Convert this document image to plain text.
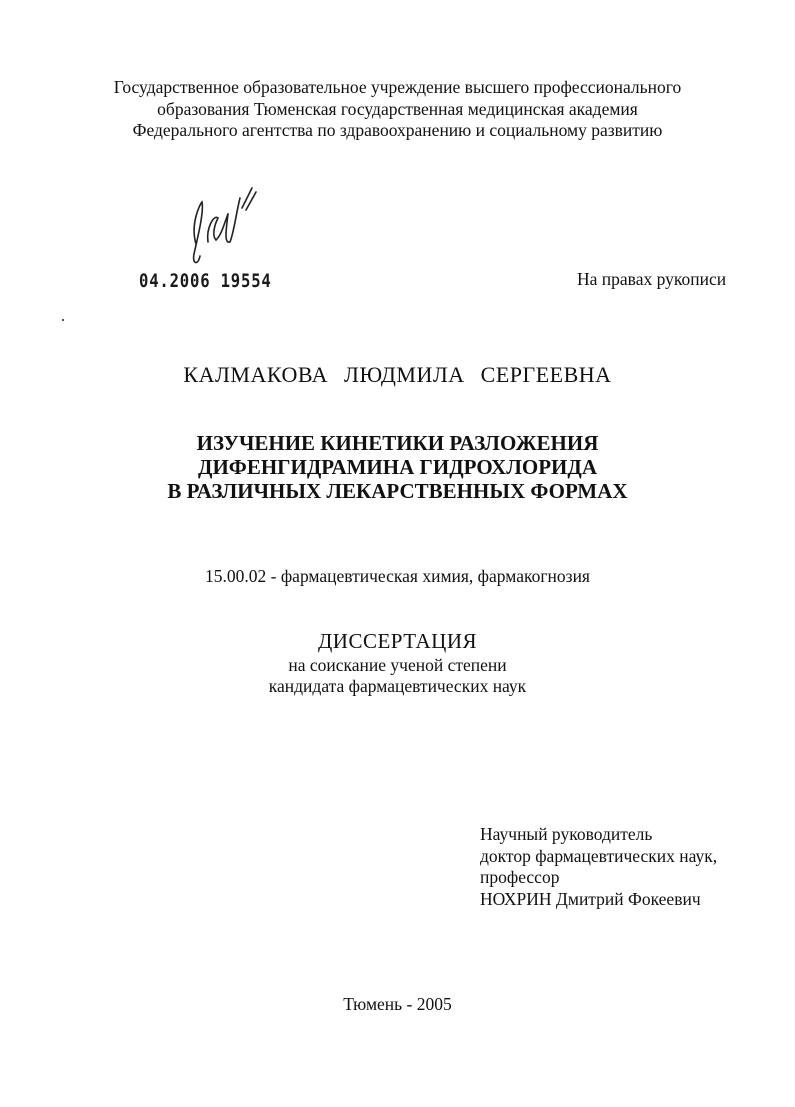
Государственное образовательное учреждение высшего профессионального
образования Тюменская государственная медицинская академия
Федерального агентства по здравоохранению и социальному развитию
04.2006 19554	На правах рукописи
КАЛМАКОВА ЛЮДМИЛА СЕРГЕЕВНА
ИЗУЧЕНИЕ КИНЕТИКИ РАЗЛОЖЕНИЯ
ДИФЕНГИДРАМИНА ГИДРОХЛОРИДА
В РАЗЛИЧНЫХ ЛЕКАРСТВЕННЫХ ФОРМАХ
15.00.02 - фармацевтическая химия, фармакогнозия
ДИССЕРТАЦИЯ
на соискание ученой степени
кандидата фармацевтических наук
Научный руководитель
доктор фармацевтических наук,
профессор
НОХРИН Дмитрий Фокеевич
Тюмень - 2005
